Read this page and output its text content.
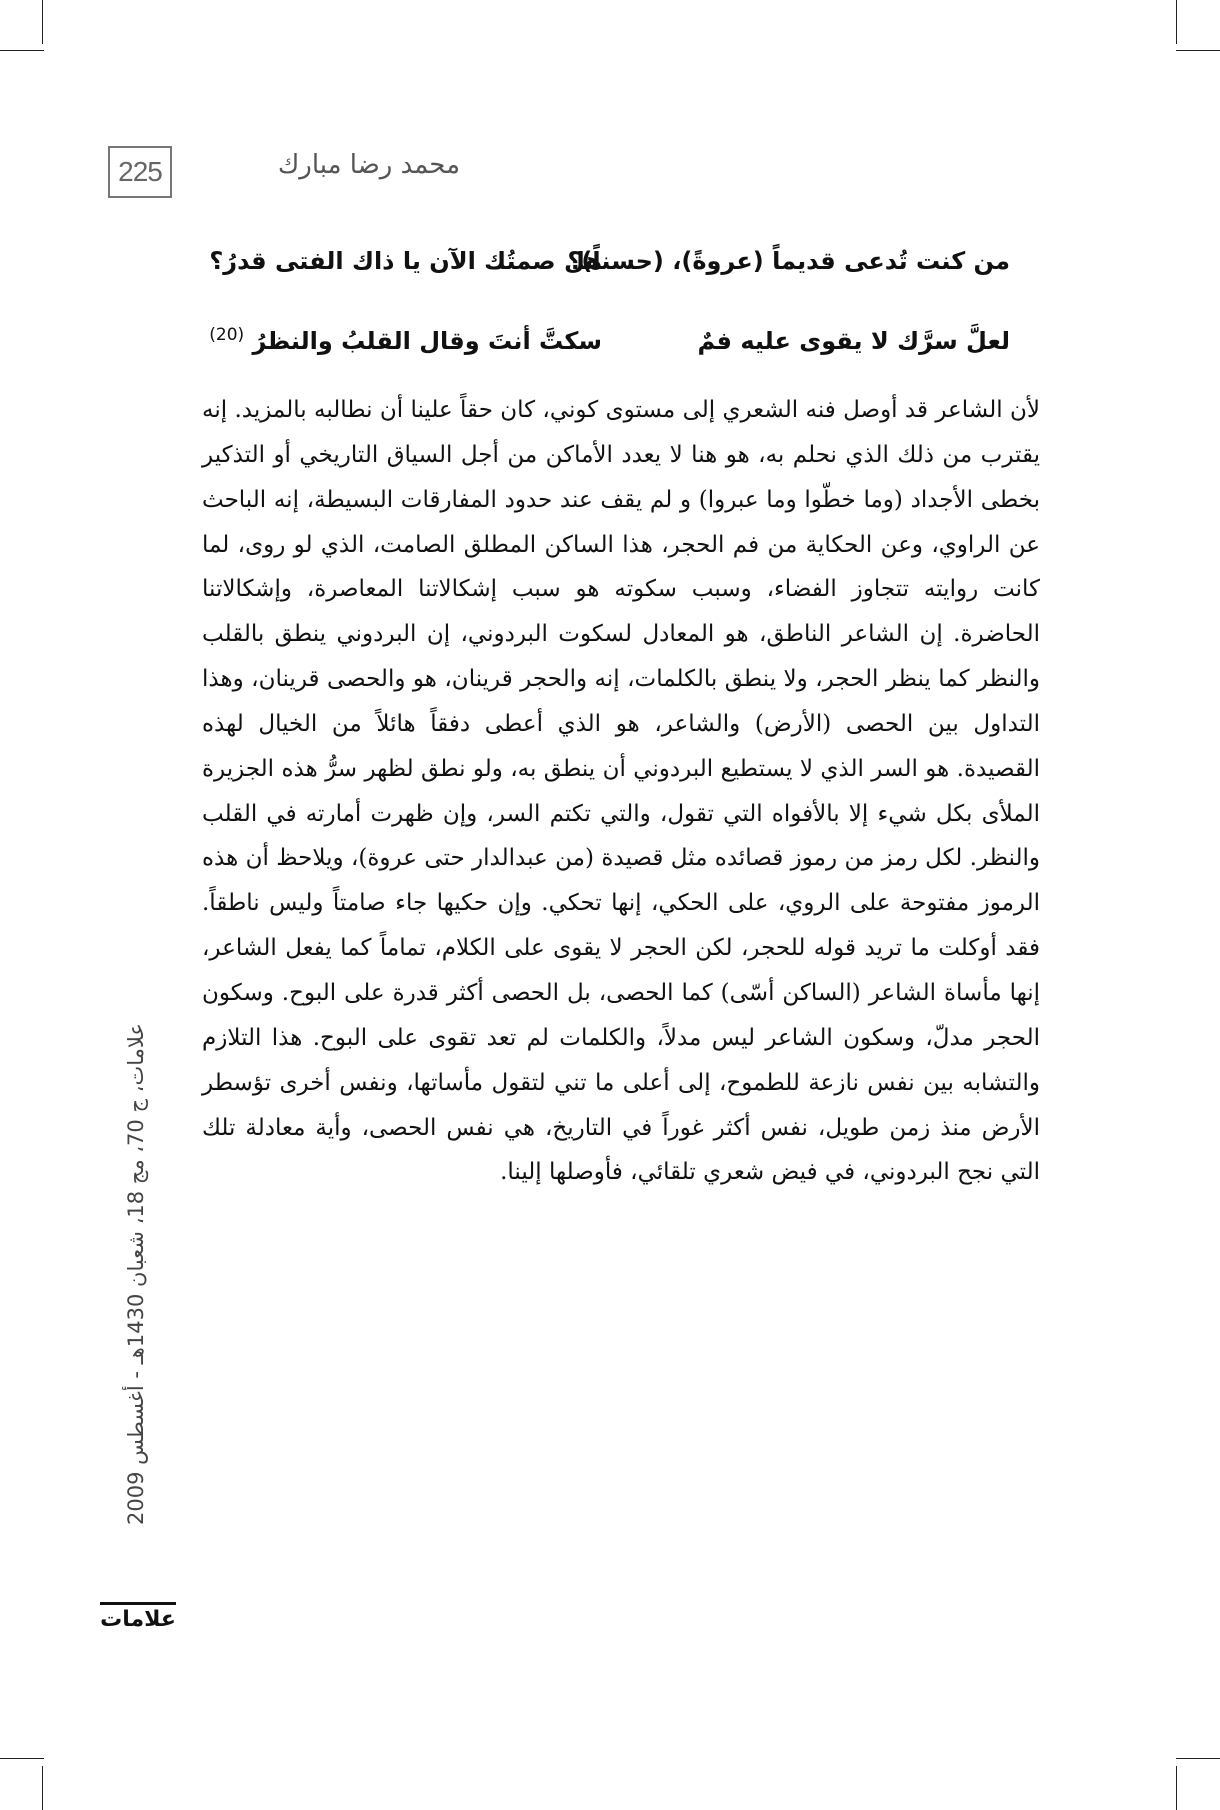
225	محمد رضا مبارك
من كنت تُدعى قديماً (عروةً)، (حسناً)؟هل صمتُك الآن يا ذاك الفتى قدرُ؟
لعلَّ سرَّك لا يقوى عليه فمٌسكتَّ أنتَ وقال القلبُ والنظرُ $^{(20)}$

لأن الشاعر قد أوصل فنه الشعري إلى مستوى كوني، كان حقاً علينا أن نطالبه بالمزيد. إنه يقترب من ذلك الذي نحلم به، هو هنا لا يعدد الأماكن من أجل السياق التاريخي أو التذكير بخطى الأجداد (وما خطّوا وما عبروا) و لم يقف عند حدود المفارقات البسيطة، إنه الباحث عن الراوي، وعن الحكاية من فم الحجر، هذا الساكن المطلق الصامت، الذي لو روى، لما كانت روايته تتجاوز الفضاء، وسبب سكوته هو سبب إشكالاتنا المعاصرة، وإشكالاتنا الحاضرة. إن الشاعر الناطق، هو المعادل لسكوت البردوني، إن البردوني ينطق بالقلب والنظر كما ينظر الحجر، ولا ينطق بالكلمات، إنه والحجر قرينان، هو والحصى قرينان، وهذا التداول بين الحصى (الأرض) والشاعر، هو الذي أعطى دفقاً هائلاً من الخيال لهذه القصيدة. هو السر الذي لا يستطيع البردوني أن ينطق به، ولو نطق لظهر سرُّ هذه الجزيرة الملأى بكل شيء إلا بالأفواه التي تقول، والتي تكتم السر، وإن ظهرت أمارته في القلب والنظر. لكل رمز من رموز قصائده مثل قصيدة (من عبدالدار حتى عروة)، ويلاحظ أن هذه الرموز مفتوحة على الروي، على الحكي، إنها تحكي. وإن حكيها جاء صامتاً وليس ناطقاً. فقد أوكلت ما تريد قوله للحجر، لكن الحجر لا يقوى على الكلام، تماماً كما يفعل الشاعر، إنها مأساة الشاعر (الساكن أسّى) كما الحصى، بل الحصى أكثر قدرة على البوح. وسكون الحجر مدلّ، وسكون الشاعر ليس مدلاً، والكلمات لم تعد تقوى على البوح. هذا التلازم والتشابه بين نفس نازعة للطموح، إلى أعلى ما تني لتقول مأساتها، ونفس أخرى تؤسطر الأرض منذ زمن طويل، نفس أكثر غوراً في التاريخ، هي نفس الحصى، وأية معادلة تلك التي نجح البردوني، في فيض شعري تلقائي، فأوصلها إلينا.

علامات، ج 70، مج 18، شعبان 1430هـ - أغسطس 2009
علامات
